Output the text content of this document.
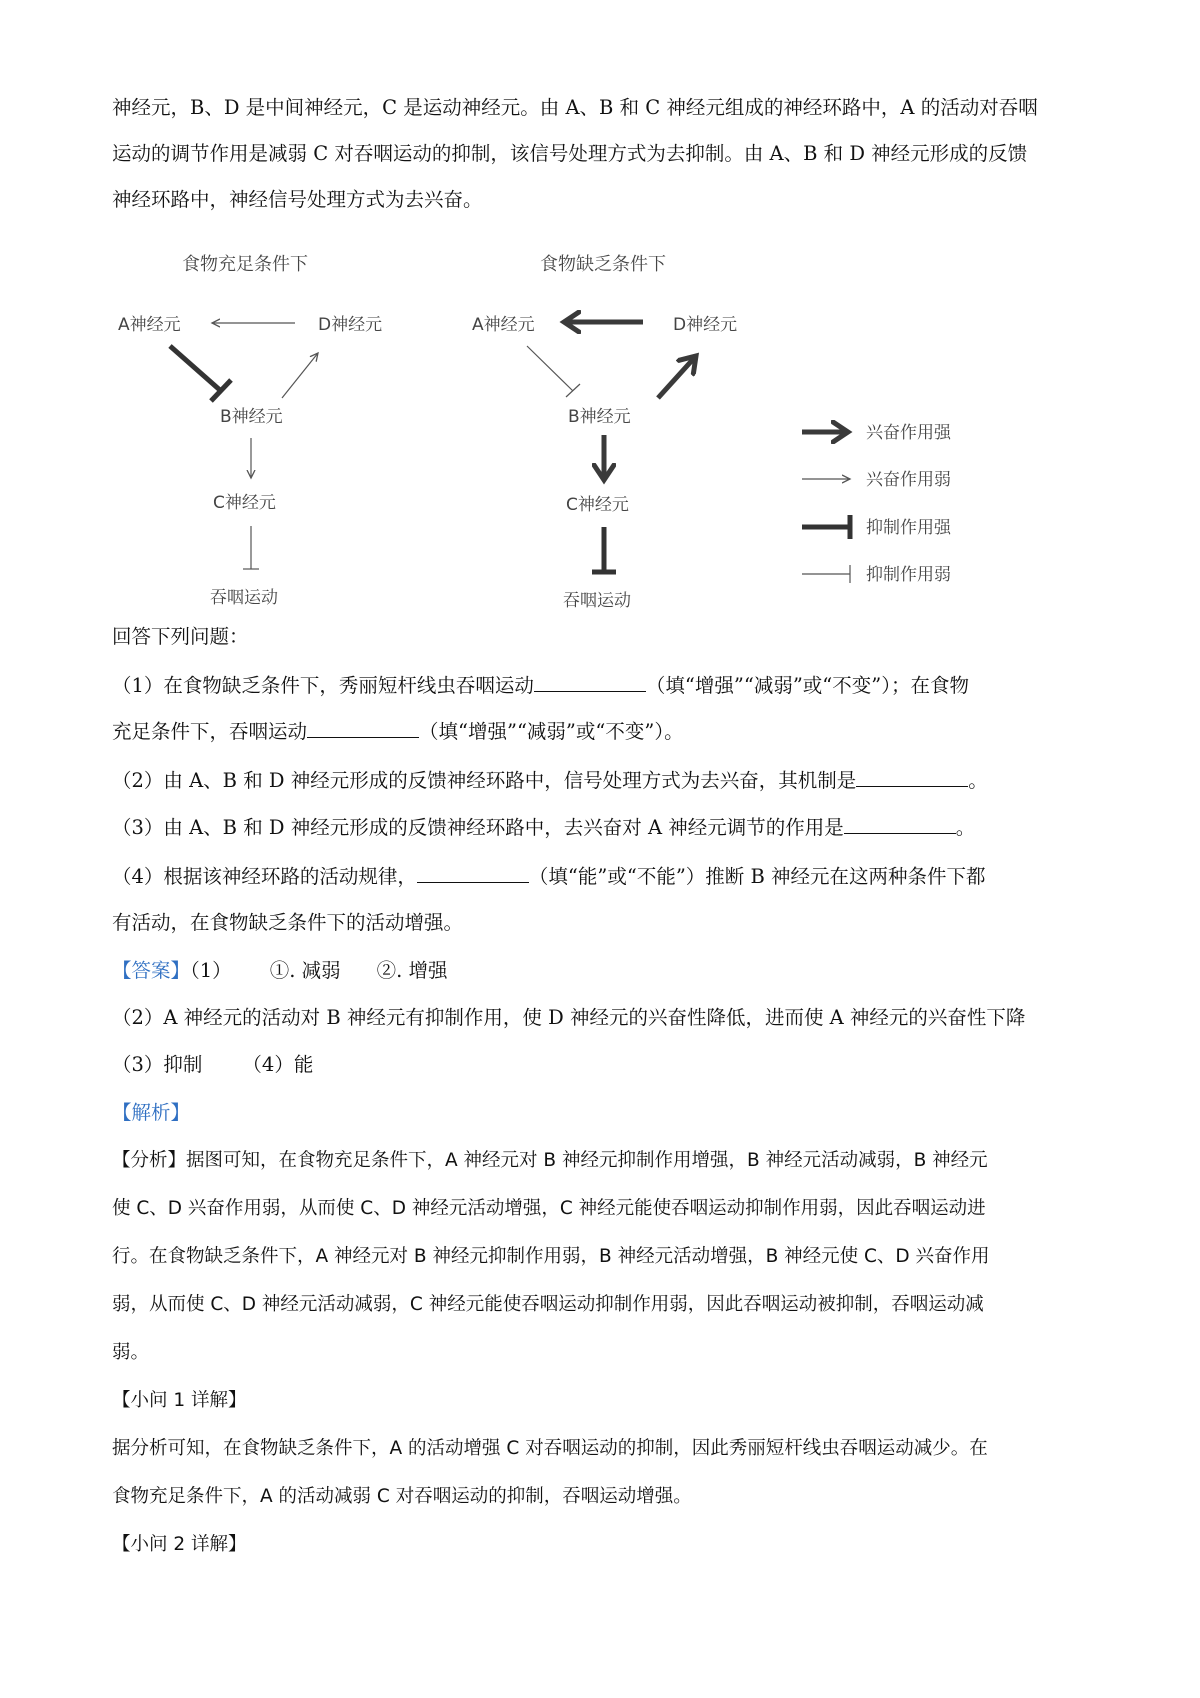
神经元，B、D 是中间神经元，C 是运动神经元。由 A、B 和 C 神经元组成的神经环路中，A 的活动对吞咽
运动的调节作用是减弱 C 对吞咽运动的抑制，该信号处理方式为去抑制。由 A、B 和 D 神经元形成的反馈
神经环路中，神经信号处理方式为去兴奋。
食物充足条件下
A神经元	D神经元
B神经元
C神经元
吞咽运动
食物缺乏条件下
A神经元	D神经元
B神经元
C神经元
吞咽运动
兴奋作用强
兴奋作用弱
抑制作用强
抑制作用弱
回答下列问题：
（1）在食物缺乏条件下，秀丽短杆线虫吞咽运动	（填“增强”“减弱”或“不变”）；在食物
充足条件下，吞咽运动	（填“增强”“减弱”或“不变”）。
（2）由 A、B 和 D 神经元形成的反馈神经环路中，信号处理方式为去兴奋，其机制是	。
（3）由 A、B 和 D 神经元形成的反馈神经环路中，去兴奋对 A 神经元调节的作用是	。
（4）根据该神经环路的活动规律，	（填“能”或“不能”）推断 B 神经元在这两种条件下都
有活动，在食物缺乏条件下的活动增强。
【答案】（1） ①. 减弱 ②. 增强
（2）A 神经元的活动对 B 神经元有抑制作用，使 D 神经元的兴奋性降低，进而使 A 神经元的兴奋性下降
（3）抑制 （4）能
【解析】
【分析】据图可知，在食物充足条件下，A 神经元对 B 神经元抑制作用增强，B 神经元活动减弱，B 神经元
使 C、D 兴奋作用弱，从而使 C、D 神经元活动增强，C 神经元能使吞咽运动抑制作用弱，因此吞咽运动进
行。在食物缺乏条件下，A 神经元对 B 神经元抑制作用弱，B 神经元活动增强，B 神经元使 C、D 兴奋作用
弱，从而使 C、D 神经元活动减弱，C 神经元能使吞咽运动抑制作用弱，因此吞咽运动被抑制，吞咽运动减
弱。
【小问 1 详解】
据分析可知，在食物缺乏条件下，A 的活动增强 C 对吞咽运动的抑制，因此秀丽短杆线虫吞咽运动减少。在
食物充足条件下，A 的活动减弱 C 对吞咽运动的抑制，吞咽运动增强。
【小问 2 详解】
